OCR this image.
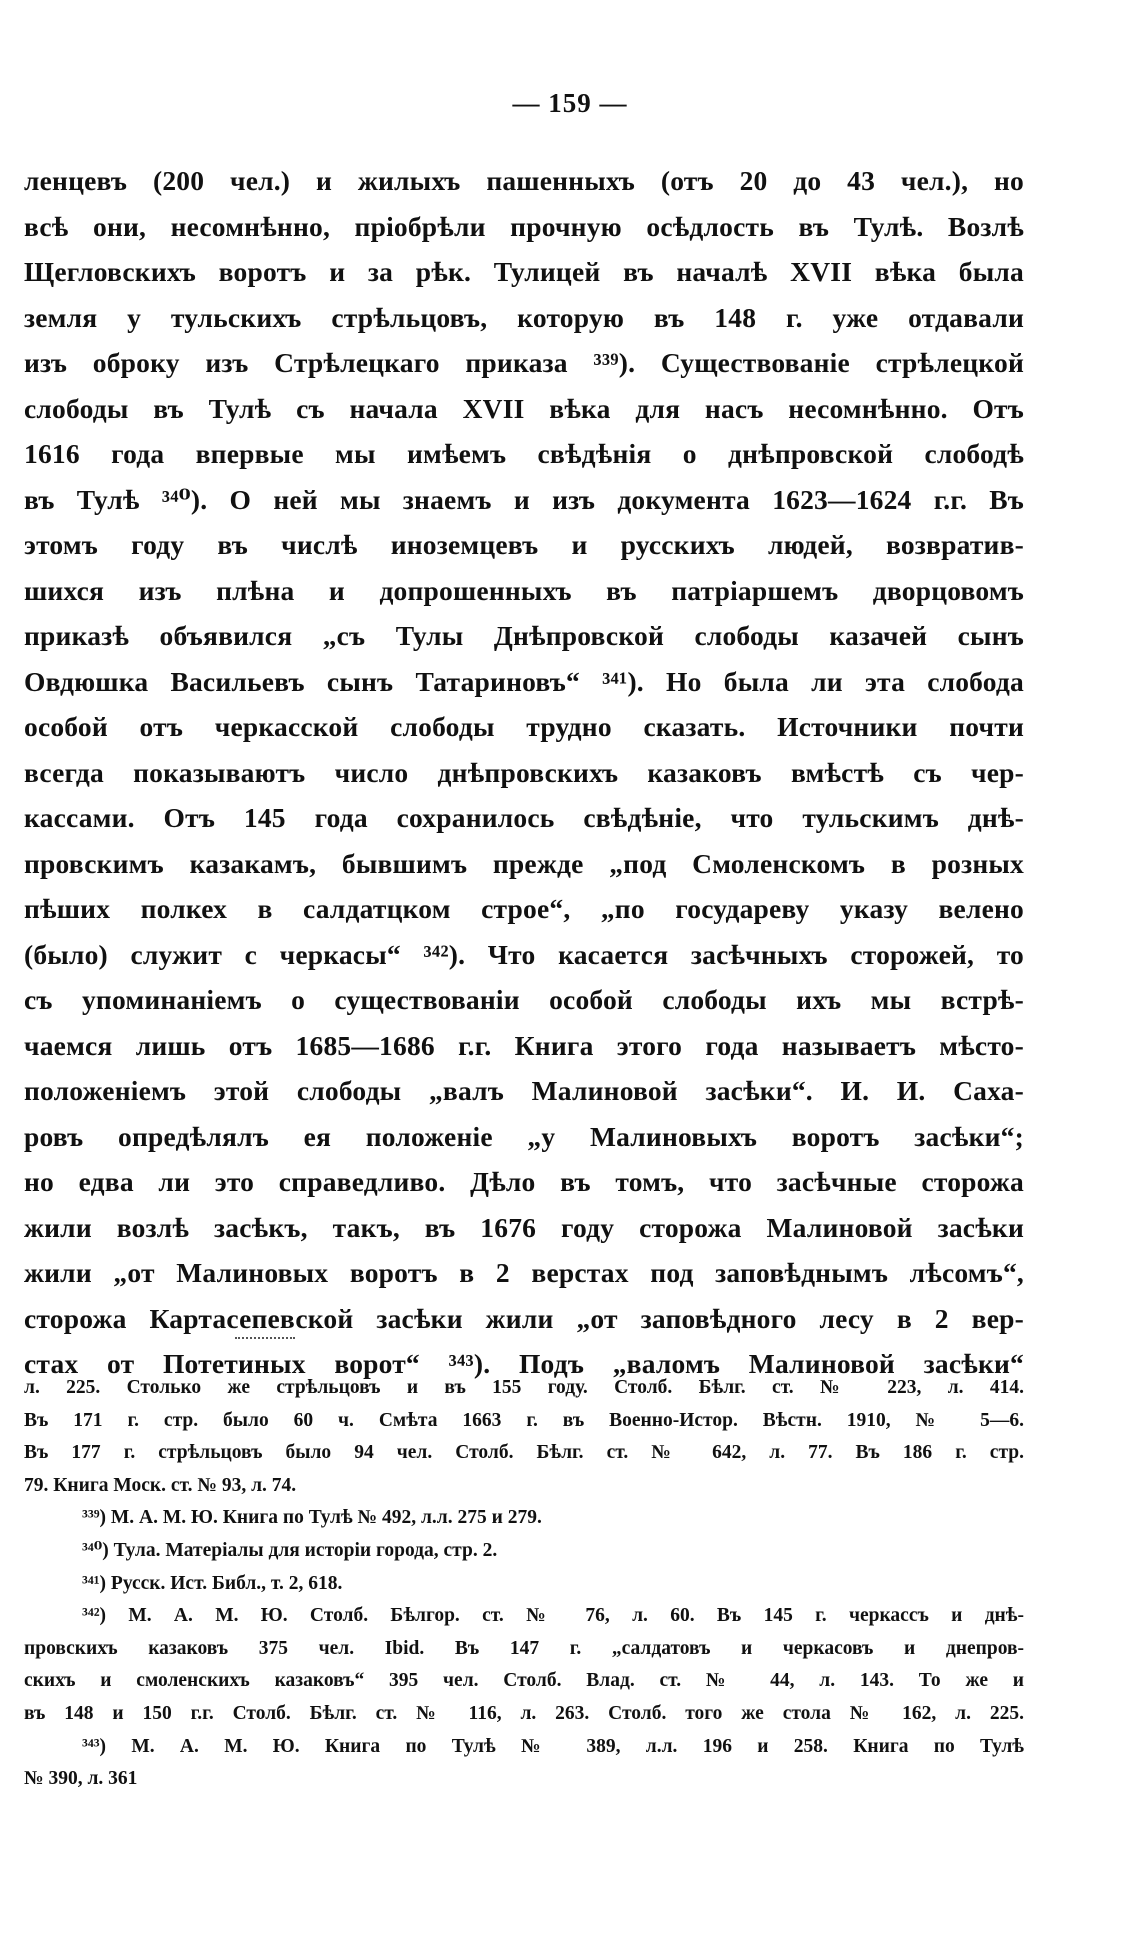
— 159 —
ленцевъ (200 чел.) и жилыхъ пашенныхъ (отъ 20 до 43 чел.), но
всѣ они, несомнѣнно, пріобрѣли прочную осѣдлость въ Тулѣ. Возлѣ
Щегловскихъ воротъ и за рѣк. Тулицей въ началѣ XVII вѣка была
земля у тульскихъ стрѣльцовъ, которую въ 148 г. уже отдавали
изъ оброку изъ Стрѣлецкаго приказа ³³⁹). Существованіе стрѣлецкой
слободы въ Тулѣ съ начала XVII вѣка для насъ несомнѣнно. Отъ
1616 года впервые мы имѣемъ свѣдѣнія о днѣпровской слободѣ
въ Тулѣ ³⁴⁰). О ней мы знаемъ и изъ документа 1623—1624 г.г. Въ
этомъ году въ числѣ иноземцевъ и русскихъ людей, возвратив-
шихся изъ плѣна и допрошенныхъ въ патріаршемъ дворцовомъ
приказѣ объявился „съ Тулы Днѣпровской слободы казачей сынъ
Овдюшка Васильевъ сынъ Татариновъ“ ³⁴¹). Но была ли эта слобода
особой отъ черкасской слободы трудно сказать. Источники почти
всегда показываютъ число днѣпровскихъ казаковъ вмѣстѣ съ чер-
кассами. Отъ 145 года сохранилось свѣдѣніе, что тульскимъ днѣ-
провскимъ казакамъ, бывшимъ прежде „под Смоленскомъ в розных
пѣших полкех в салдатцком строе“, „по государеву указу велено
(было) служит с черкасы“ ³⁴²). Что касается засѣчныхъ сторожей, то
съ упоминаніемъ о существованіи особой слободы ихъ мы встрѣ-
чаемся лишь отъ 1685—1686 г.г. Книга этого года называетъ мѣсто-
положеніемъ этой слободы „валъ Малиновой засѣки“. И. И. Саха-
ровъ опредѣлялъ ея положеніе „у Малиновыхъ воротъ засѣки“;
но едва ли это справедливо. Дѣло въ томъ, что засѣчные сторожа
жили возлѣ засѣкъ, такъ, въ 1676 году сторожа Малиновой засѣки
жили „от Малиновых воротъ в 2 верстах под заповѣднымъ лѣсомъ“,
сторожа Картасепевской засѣки жили „от заповѣдного лесу в 2 вер-
стах от Потетиных ворот“ ³⁴³). Подъ „валомъ Малиновой засѣки“
л. 225. Столько же стрѣльцовъ и въ 155 году. Столб. Бѣлг. ст. № 223, л. 414.
Въ 171 г. стр. было 60 ч. Смѣта 1663 г. въ Военно-Истор. Вѣстн. 1910, № 5—6.
Въ 177 г. стрѣльцовъ было 94 чел. Столб. Бѣлг. ст. № 642, л. 77. Въ 186 г. стр.
79. Книга Моск. ст. № 93, л. 74.
³³⁹) М. А. М. Ю. Книга по Тулѣ № 492, л.л. 275 и 279.
³⁴⁰) Тула. Матеріалы для исторіи города, стр. 2.
³⁴¹) Русск. Ист. Библ., т. 2, 618.
³⁴²) М. А. М. Ю. Столб. Бѣлгор. ст. № 76, л. 60. Въ 145 г. черкассъ и днѣ-
провскихъ казаковъ 375 чел. Ibid. Въ 147 г. „салдатовъ и черкасовъ и днепров-
скихъ и смоленскихъ казаковъ“ 395 чел. Столб. Влад. ст. № 44, л. 143. То же и
въ 148 и 150 г.г. Столб. Бѣлг. ст. № 116, л. 263. Столб. того же стола № 162, л. 225.
³⁴³) М. А. М. Ю. Книга по Тулѣ № 389, л.л. 196 и 258. Книга по Тулѣ
№ 390, л. 361
